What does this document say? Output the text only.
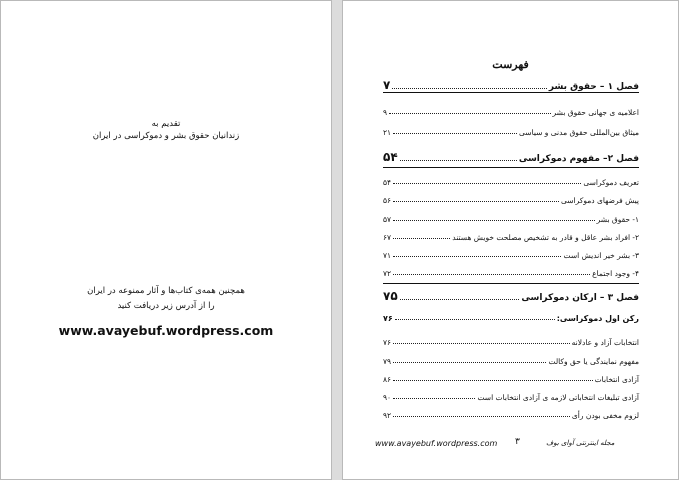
تقدیم به
زندانیان حقوق بشر و دموکراسی در ایران
همچنین همه‌ی کتاب‌ها و آثار ممنوعه در ایران
را از آدرس زیر دریافت کنید
www.avayebuf.wordpress.com
فهرست
فصل ۱ – حقوق بشر
۷
اعلامیه ی جهانی حقوق بشر
۹
میثاق بین‌المللی حقوق مدنی و سیاسی
۲۱
فصل ۲– مفهوم دموکراسی
۵۴
تعریف دموکراسی
۵۴
پیش فرضهای دموکراسی
۵۶
۱- حقوق بشر
۵۷
۲- افراد بشر عاقل و قادر به تشخیص مصلحت خویش هستند
۶۷
۳- بشر خیر اندیش است
۷۱
۴- وجود اجتماع
۷۲
فصل ۳ – ارکان دموکراسی
۷۵
رکن اول دموکراسی:
۷۶
انتخابات آزاد و عادلانه
۷۶
مفهوم نمایندگی یا حق وکالت
۷۹
آزادی انتخابات
۸۶
آزادی تبلیغات انتخاباتی لازمه ی آزادی انتخابات است
۹۰
لزوم مخفی بودن رأی
۹۲
www.avayebuf.wordpress.com ۳	مجله اینترنتی آوای بوف
